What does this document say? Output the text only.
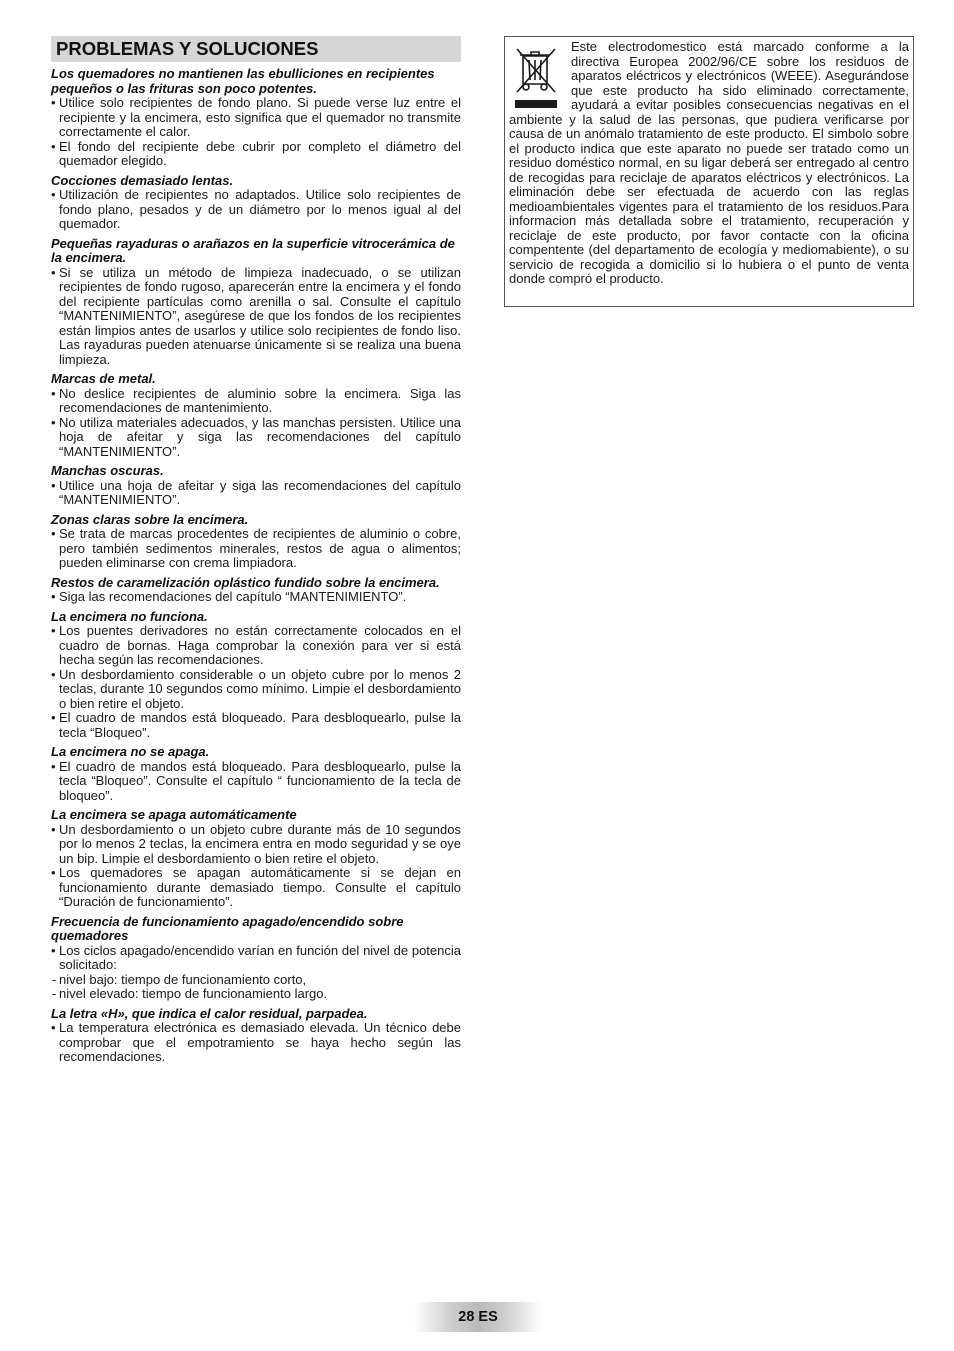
PROBLEMAS Y SOLUCIONES
Los quemadores no mantienen las ebulliciones en recipientes pequeños o las frituras son poco potentes.
• Utilice solo recipientes de fondo plano. Si puede verse luz entre el recipiente y la encimera, esto significa que el quemador no transmite correctamente el calor.
• El fondo del recipiente debe cubrir por completo el diámetro del quemador elegido.
Cocciones demasiado lentas.
• Utilización de recipientes no adaptados. Utilice solo recipientes de fondo plano, pesados y de un diámetro por lo menos igual al del quemador.
Pequeñas rayaduras o arañazos en la superficie vitrocerámica de la encimera.
• Si se utiliza un método de limpieza inadecuado, o se utilizan recipientes de fondo rugoso, aparecerán entre la encimera y el fondo del recipiente partículas como arenilla o sal. Consulte el capítulo “MANTENIMIENTO”, asegúrese de que los fondos de los recipientes están limpios antes de usarlos y utilice solo recipientes de fondo liso. Las rayaduras pueden atenuarse únicamente si se realiza una buena limpieza.
Marcas de metal.
• No deslice recipientes de aluminio sobre la encimera. Siga las recomendaciones de mantenimiento.
• No utiliza materiales adecuados, y las manchas persisten. Utilice una hoja de afeitar y siga las recomendaciones del capítulo “MANTENIMIENTO”.
Manchas oscuras.
• Utilice una hoja de afeitar y siga las recomendaciones del capítulo “MANTENIMIENTO”.
Zonas claras sobre la encimera.
• Se trata de marcas procedentes de recipientes de aluminio o cobre, pero también sedimentos minerales, restos de agua o alimentos; pueden eliminarse con crema limpiadora.
Restos de caramelización oplástico fundido sobre la encimera.
• Siga las recomendaciones del capítulo “MANTENIMIENTO”.
La encimera no funciona.
• Los puentes derivadores no están correctamente colocados en el cuadro de bornas. Haga comprobar la conexión para ver si está hecha según las recomendaciones.
• Un desbordamiento considerable o un objeto cubre por lo menos 2 teclas, durante 10 segundos como mínimo. Limpie el desbordamiento o bien retire el objeto.
• El cuadro de mandos está bloqueado. Para desbloquearlo, pulse la tecla “Bloqueo”.
La encimera no se apaga.
• El cuadro de mandos está bloqueado. Para desbloquearlo, pulse la tecla “Bloqueo”. Consulte el capítulo “ funcionamiento de la tecla de bloqueo”.
La encimera se apaga automáticamente
• Un desbordamiento o un objeto cubre durante más de 10 segundos por lo menos 2 teclas, la encimera entra en modo seguridad y se oye un bip. Limpie el desbordamiento o bien retire el objeto.
• Los quemadores se apagan automáticamente si se dejan en funcionamiento durante demasiado tiempo. Consulte el capítulo “Duración de funcionamiento”.
Frecuencia de funcionamiento apagado/encendido sobre quemadores
• Los ciclos apagado/encendido varían en función del nivel de potencia solicitado:
- nivel bajo: tiempo de funcionamiento corto,
- nivel elevado: tiempo de funcionamiento largo.
La letra «H», que indica el calor residual, parpadea.
• La temperatura electrónica es demasiado elevada. Un técnico debe comprobar que el empotramiento se haya hecho según las recomendaciones.
Este electrodomestico está marcado conforme a la directiva Europea 2002/96/CE sobre los residuos de aparatos eléctricos y electrónicos (WEEE). Asegurándose que este producto ha sido eliminado correctamente, ayudará a evitar posibles consecuencias negativas en el ambiente y la salud de las personas, que pudiera verificarse por causa de un anómalo tratamiento de este producto. El simbolo sobre el producto indica que este aparato no puede ser tratado como un residuo doméstico normal, en su ligar deberá ser entregado al centro de recogidas para reciclaje de aparatos eléctricos y electrónicos. La eliminación debe ser efectuada de acuerdo con las reglas medioambientales vigentes para el tratamiento de los residuos.Para informacion más detallada sobre el tratamiento, recuperación y reciclaje de este producto, por favor contacte con la oficina compentente (del departamento de ecología y mediomabiente), o su servicio de recogida a domicilio si lo hubiera o el punto de venta donde compró el producto.
28 ES
